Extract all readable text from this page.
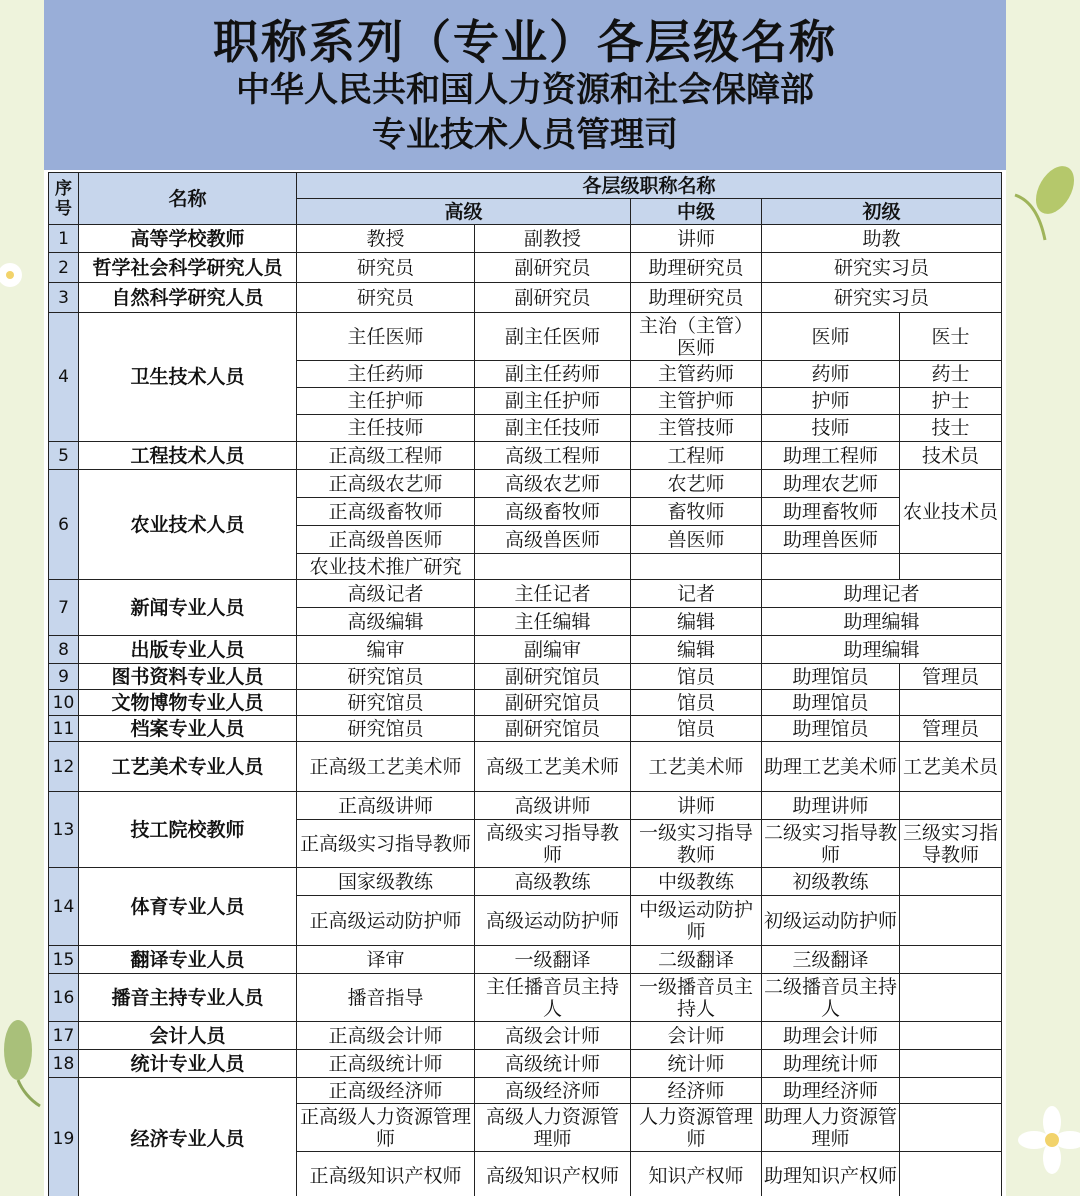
职称系列（专业）各层级名称
中华人民共和国人力资源和社会保障部
专业技术人员管理司
序号	名称	各层级职称名称				
		高级		中级	初级	
1	高等学校教师	教授	副教授	讲师	助教	
2	哲学社会科学研究人员	研究员	副研究员	助理研究员	研究实习员	
3	自然科学研究人员	研究员	副研究员	助理研究员	研究实习员	
4	卫生技术人员	主任医师	副主任医师	主治（主管）医师	医师	医士
		主任药师	副主任药师	主管药师	药师	药士
		主任护师	副主任护师	主管护师	护师	护士
		主任技师	副主任技师	主管技师	技师	技士
5	工程技术人员	正高级工程师	高级工程师	工程师	助理工程师	技术员
6	农业技术人员	正高级农艺师	高级农艺师	农艺师	助理农艺师	农业技术员
		正高级畜牧师	高级畜牧师	畜牧师	助理畜牧师	
		正高级兽医师	高级兽医师	兽医师	助理兽医师	
		农业技术推广研究				
7	新闻专业人员	高级记者	主任记者	记者	助理记者	
		高级编辑	主任编辑	编辑	助理编辑	
8	出版专业人员	编审	副编审	编辑	助理编辑	
9	图书资料专业人员	研究馆员	副研究馆员	馆员	助理馆员	管理员
10	文物博物专业人员	研究馆员	副研究馆员	馆员	助理馆员	
11	档案专业人员	研究馆员	副研究馆员	馆员	助理馆员	管理员
12	工艺美术专业人员	正高级工艺美术师	高级工艺美术师	工艺美术师	助理工艺美术师	工艺美术员
13	技工院校教师	正高级讲师	高级讲师	讲师	助理讲师	
		正高级实习指导教师	高级实习指导教师	一级实习指导教师	二级实习指导教师	三级实习指导教师
14	体育专业人员	国家级教练	高级教练	中级教练	初级教练	
		正高级运动防护师	高级运动防护师	中级运动防护师	初级运动防护师	
15	翻译专业人员	译审	一级翻译	二级翻译	三级翻译	
16	播音主持专业人员	播音指导	主任播音员主持人	一级播音员主持人	二级播音员主持人	
17	会计人员	正高级会计师	高级会计师	会计师	助理会计师	
18	统计专业人员	正高级统计师	高级统计师	统计师	助理统计师	
19	经济专业人员	正高级经济师	高级经济师	经济师	助理经济师	
		正高级人力资源管理师	高级人力资源管理师	人力资源管理师	助理人力资源管理师	
		正高级知识产权师	高级知识产权师	知识产权师	助理知识产权师	
